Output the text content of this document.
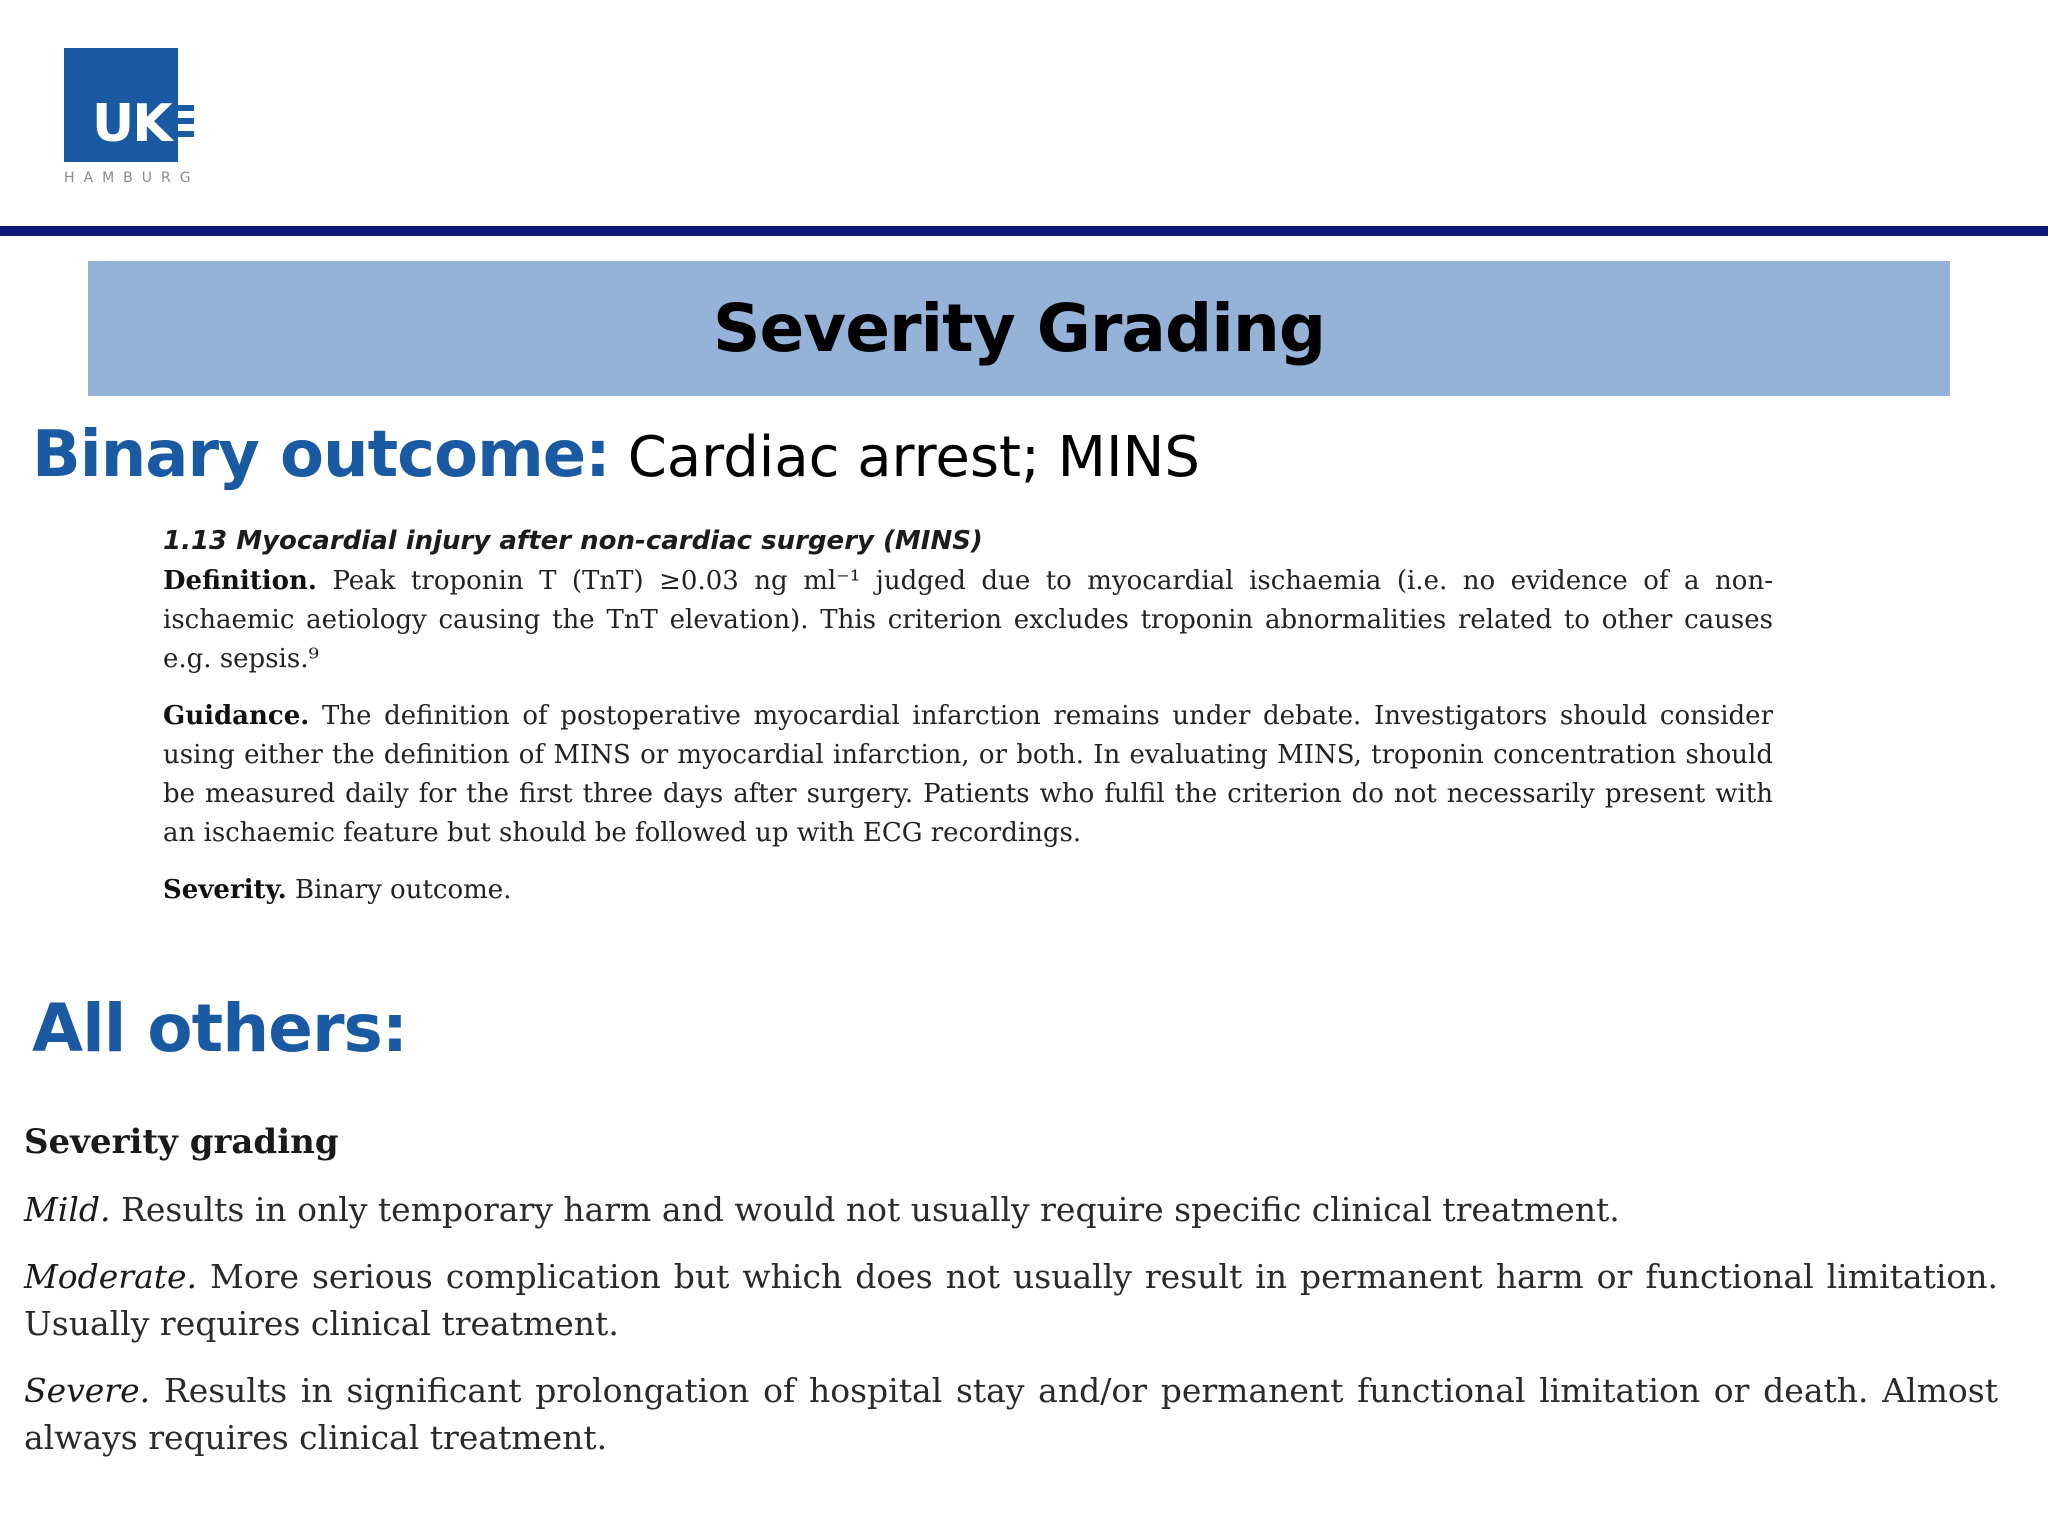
UK
HAMBURG
Severity Grading
Binary outcome: Cardiac arrest; MINS
1.13 Myocardial injury after non-cardiac surgery (MINS)

Definition. Peak troponin T (TnT) ≥0.03 ng ml⁻¹ judged due to myocardial ischaemia (i.e. no evidence of a non-ischaemic aetiology causing the TnT elevation). This criterion excludes troponin abnormalities related to other causes e.g. sepsis.⁹

Guidance. The definition of postoperative myocardial infarction remains under debate. Investigators should consider using either the definition of MINS or myocardial infarction, or both. In evaluating MINS, troponin concentration should be measured daily for the first three days after surgery. Patients who fulfil the criterion do not necessarily present with an ischaemic feature but should be followed up with ECG recordings.

Severity. Binary outcome.

All others:
Severity grading

Mild. Results in only temporary harm and would not usually require specific clinical treatment.

Moderate. More serious complication but which does not usually result in permanent harm or functional limitation. Usually requires clinical treatment.

Severe. Results in significant prolongation of hospital stay and/or permanent functional limitation or death. Almost always requires clinical treatment.
